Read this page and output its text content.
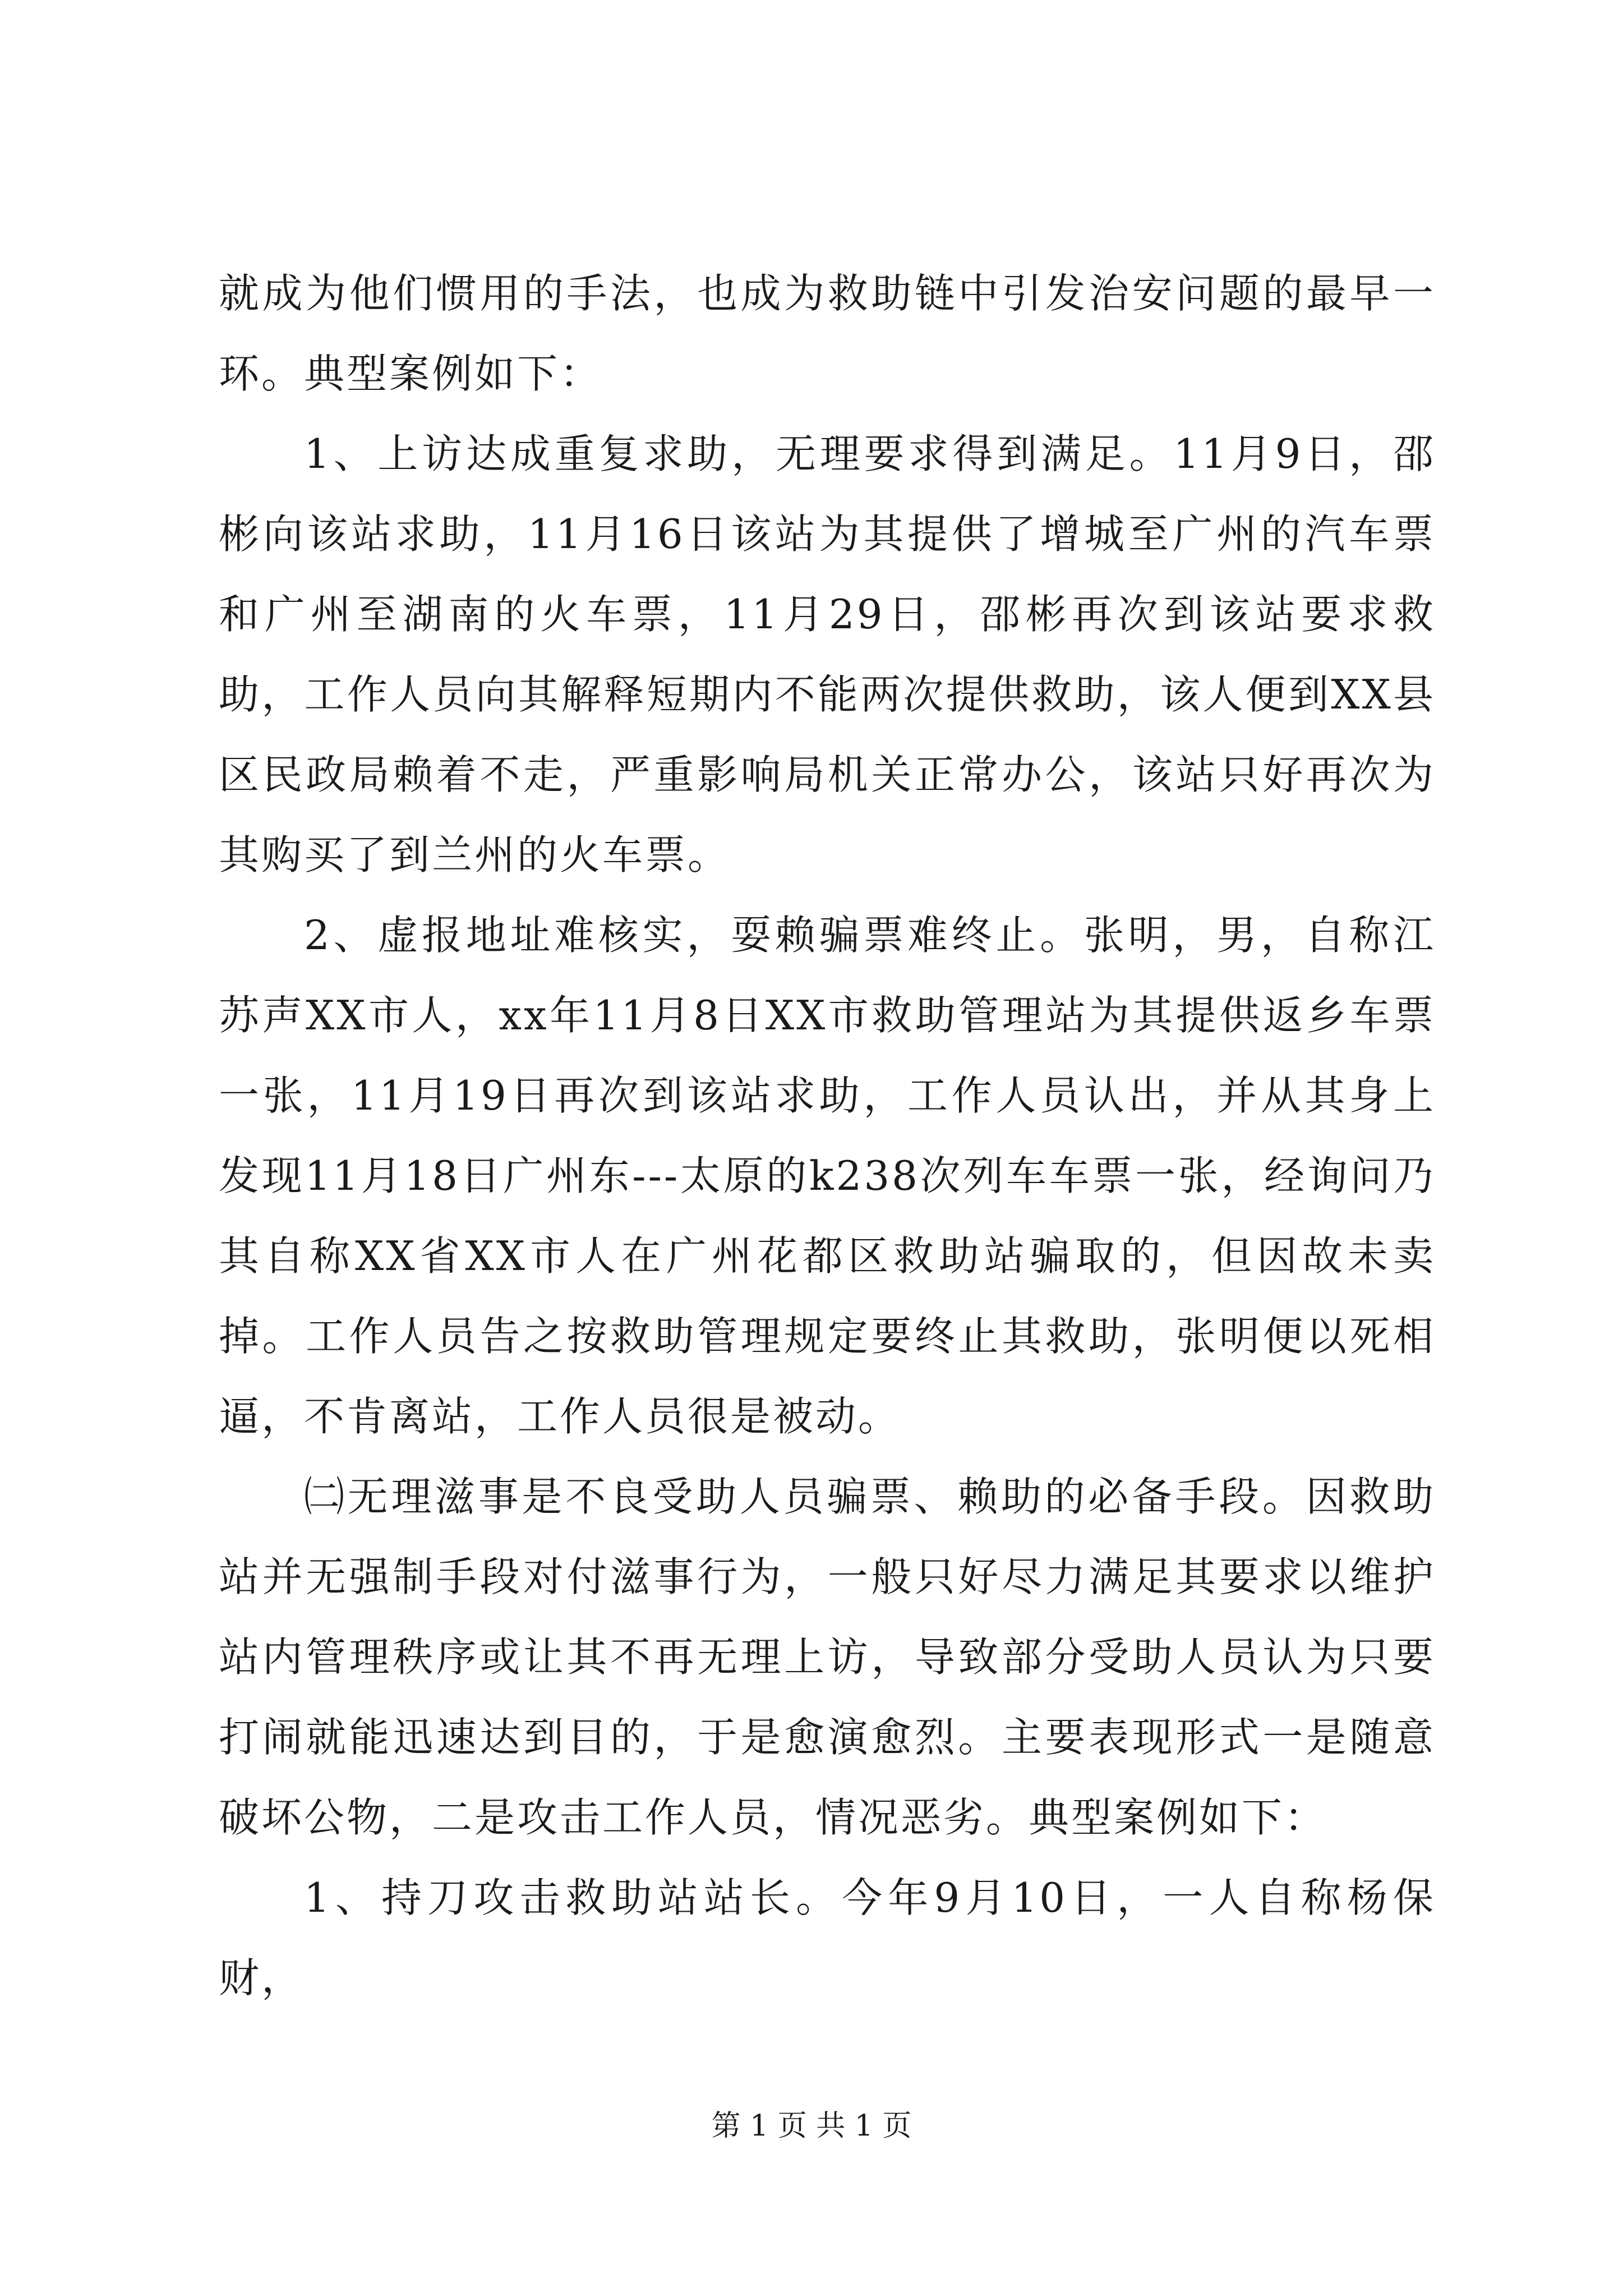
就成为他们惯用的手法，也成为救助链中引发治安问题的最早一环。典型案例如下：

1、上访达成重复求助，无理要求得到满足。11月9日，邵彬向该站求助，11月16日该站为其提供了增城至广州的汽车票和广州至湖南的火车票，11月29日，邵彬再次到该站要求救助，工作人员向其解释短期内不能两次提供救助，该人便到XX县区民政局赖着不走，严重影响局机关正常办公，该站只好再次为其购买了到兰州的火车票。

2、虚报地址难核实，耍赖骗票难终止。张明，男，自称江苏声XX市人，xx年11月8日XX市救助管理站为其提供返乡车票一张，11月19日再次到该站求助，工作人员认出，并从其身上发现11月18日广州东---太原的k238次列车车票一张，经询问乃其自称XX省XX市人在广州花都区救助站骗取的，但因故未卖掉。工作人员告之按救助管理规定要终止其救助，张明便以死相逼，不肯离站，工作人员很是被动。

㈡无理滋事是不良受助人员骗票、赖助的必备手段。因救助站并无强制手段对付滋事行为，一般只好尽力满足其要求以维护站内管理秩序或让其不再无理上访，导致部分受助人员认为只要打闹就能迅速达到目的，于是愈演愈烈。主要表现形式一是随意破坏公物，二是攻击工作人员，情况恶劣。典型案例如下：

1、持刀攻击救助站站长。今年9月10日，一人自称杨保财，

第 1 页 共 1 页
